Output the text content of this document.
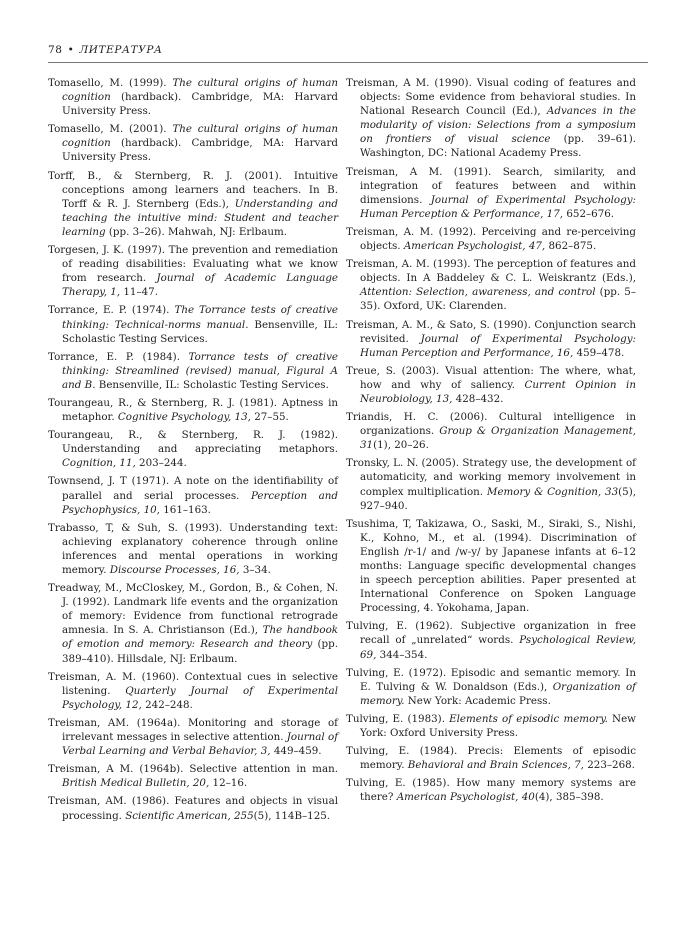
78 • ЛИТЕРАТУРА

Tomasello, M. (1999). The cultural origins of human cognition (hardback). Cambridge, MA: Harvard University Press.

Tomasello, M. (2001). The cultural origins of human cognition (hardback). Cambridge, MA: Harvard University Press.

Torff, B., & Sternberg, R. J. (2001). Intuitive conceptions among learners and teachers. In B. Torff & R. J. Sternberg (Eds.), Understanding and teaching the intuitive mind: Student and teacher learning (pp. 3–26). Mahwah, NJ: Erlbaum.

Torgesen, J. K. (1997). The prevention and remediation of reading disabilities: Evaluating what we know from research. Journal of Academic Language Therapy, 1, 11–47.

Torrance, E. P. (1974). The Torrance tests of creative thinking: Technical-norms manual. Bensenville, IL: Scholastic Testing Services.

Torrance, E. P. (1984). Torrance tests of creative thinking: Streamlined (revised) manual, Figural A and B. Bensenville, IL: Scholastic Testing Services.

Tourangeau, R., & Sternberg, R. J. (1981). Aptness in metaphor. Cognitive Psychology, 13, 27–55.

Tourangeau, R., & Sternberg, R. J. (1982). Understanding and appreciating metaphors. Cognition, 11, 203–244.

Townsend, J. T (1971). A note on the identifiability of parallel and serial processes. Perception and Psychophysics, 10, 161–163.

Trabasso, T, & Suh, S. (1993). Understanding text: achieving explanatory coherence through online inferences and mental operations in working memory. Discourse Processes, 16, 3–34.

Treadway, M., McCloskey, M., Gordon, B., & Cohen, N. J. (1992). Landmark life events and the organization of memory: Evidence from functional retrograde amnesia. In S. A. Christianson (Ed.), The handbook of emotion and memory: Research and theory (pp. 389–410). Hillsdale, NJ: Erlbaum.

Treisman, A. M. (1960). Contextual cues in selective listening. Quarterly Journal of Experimental Psychology, 12, 242–248.

Treisman, AM. (1964a). Monitoring and storage of irrelevant messages in selective attention. Journal of Verbal Learning and Verbal Behavior, 3, 449–459.

Treisman, A M. (1964b). Selective attention in man. British Medical Bulletin, 20, 12–16.

Treisman, AM. (1986). Features and objects in visual processing. Scientific American, 255(5), 114B–125.

Treisman, A M. (1990). Visual coding of features and objects: Some evidence from behavioral studies. In National Research Council (Ed.), Advances in the modularity of vision: Selections from a symposium on frontiers of visual science (pp. 39–61). Washington, DC: National Academy Press.

Treisman, A M. (1991). Search, similarity, and integration of features between and within dimensions. Journal of Experimental Psychology: Human Perception & Performance, 17, 652–676.

Treisman, A. M. (1992). Perceiving and re-perceiving objects. American Psychologist, 47, 862–875.

Treisman, A. M. (1993). The perception of features and objects. In A Baddeley & C. L. Weiskrantz (Eds.), Attention: Selection, awareness, and control (pp. 5–35). Oxford, UK: Clarenden.

Treisman, A. M., & Sato, S. (1990). Conjunction search revisited. Journal of Experimental Psychology: Human Perception and Performance, 16, 459–478.

Treue, S. (2003). Visual attention: The where, what, how and why of saliency. Current Opinion in Neurobiology, 13, 428–432.

Triandis, H. C. (2006). Cultural intelligence in organizations. Group & Organization Management, 31(1), 20–26.

Tronsky, L. N. (2005). Strategy use, the development of automaticity, and working memory involvement in complex multiplication. Memory & Cognition, 33(5), 927–940.

Tsushima, T, Takizawa, O., Saski, M., Siraki, S., Nishi, K., Kohno, M., et al. (1994). Discrimination of English /r-1/ and /w-y/ by Japanese infants at 6–12 months: Language specific developmental changes in speech perception abilities. Paper presented at International Conference on Spoken Language Processing, 4. Yokohama, Japan.

Tulving, E. (1962). Subjective organization in free recall of „unrelated“ words. Psychological Review, 69, 344–354.

Tulving, E. (1972). Episodic and semantic memory. In E. Tulving & W. Donaldson (Eds.), Organization of memory. New York: Academic Press.

Tulving, E. (1983). Elements of episodic memory. New York: Oxford University Press.

Tulving, E. (1984). Precis: Elements of episodic memory. Behavioral and Brain Sciences, 7, 223–268.

Tulving, E. (1985). How many memory systems are there? American Psychologist, 40(4), 385–398.
